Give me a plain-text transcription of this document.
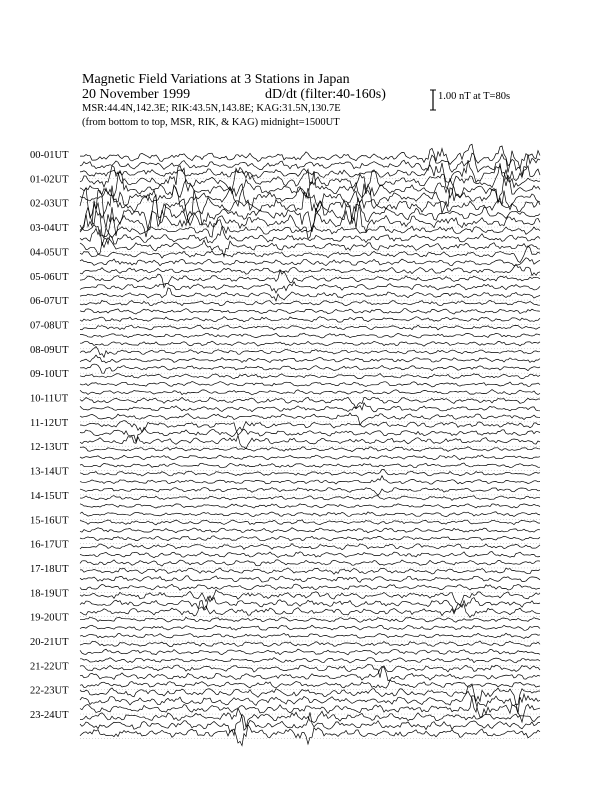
Magnetic Field Variations at 3 Stations in Japan
20 November 1999	dD/dt (filter:40-160s)
MSR:44.4N,142.3E; RIK:43.5N,143.8E; KAG:31.5N,130.7E
(from bottom to top, MSR, RIK, & KAG) midnight=1500UT
1.00 nT at T=80s
00-01UT
01-02UT
02-03UT
03-04UT
04-05UT
05-06UT
06-07UT
07-08UT
08-09UT
09-10UT
10-11UT
11-12UT
12-13UT
13-14UT
14-15UT
15-16UT
16-17UT
17-18UT
18-19UT
19-20UT
20-21UT
21-22UT
22-23UT
23-24UT
